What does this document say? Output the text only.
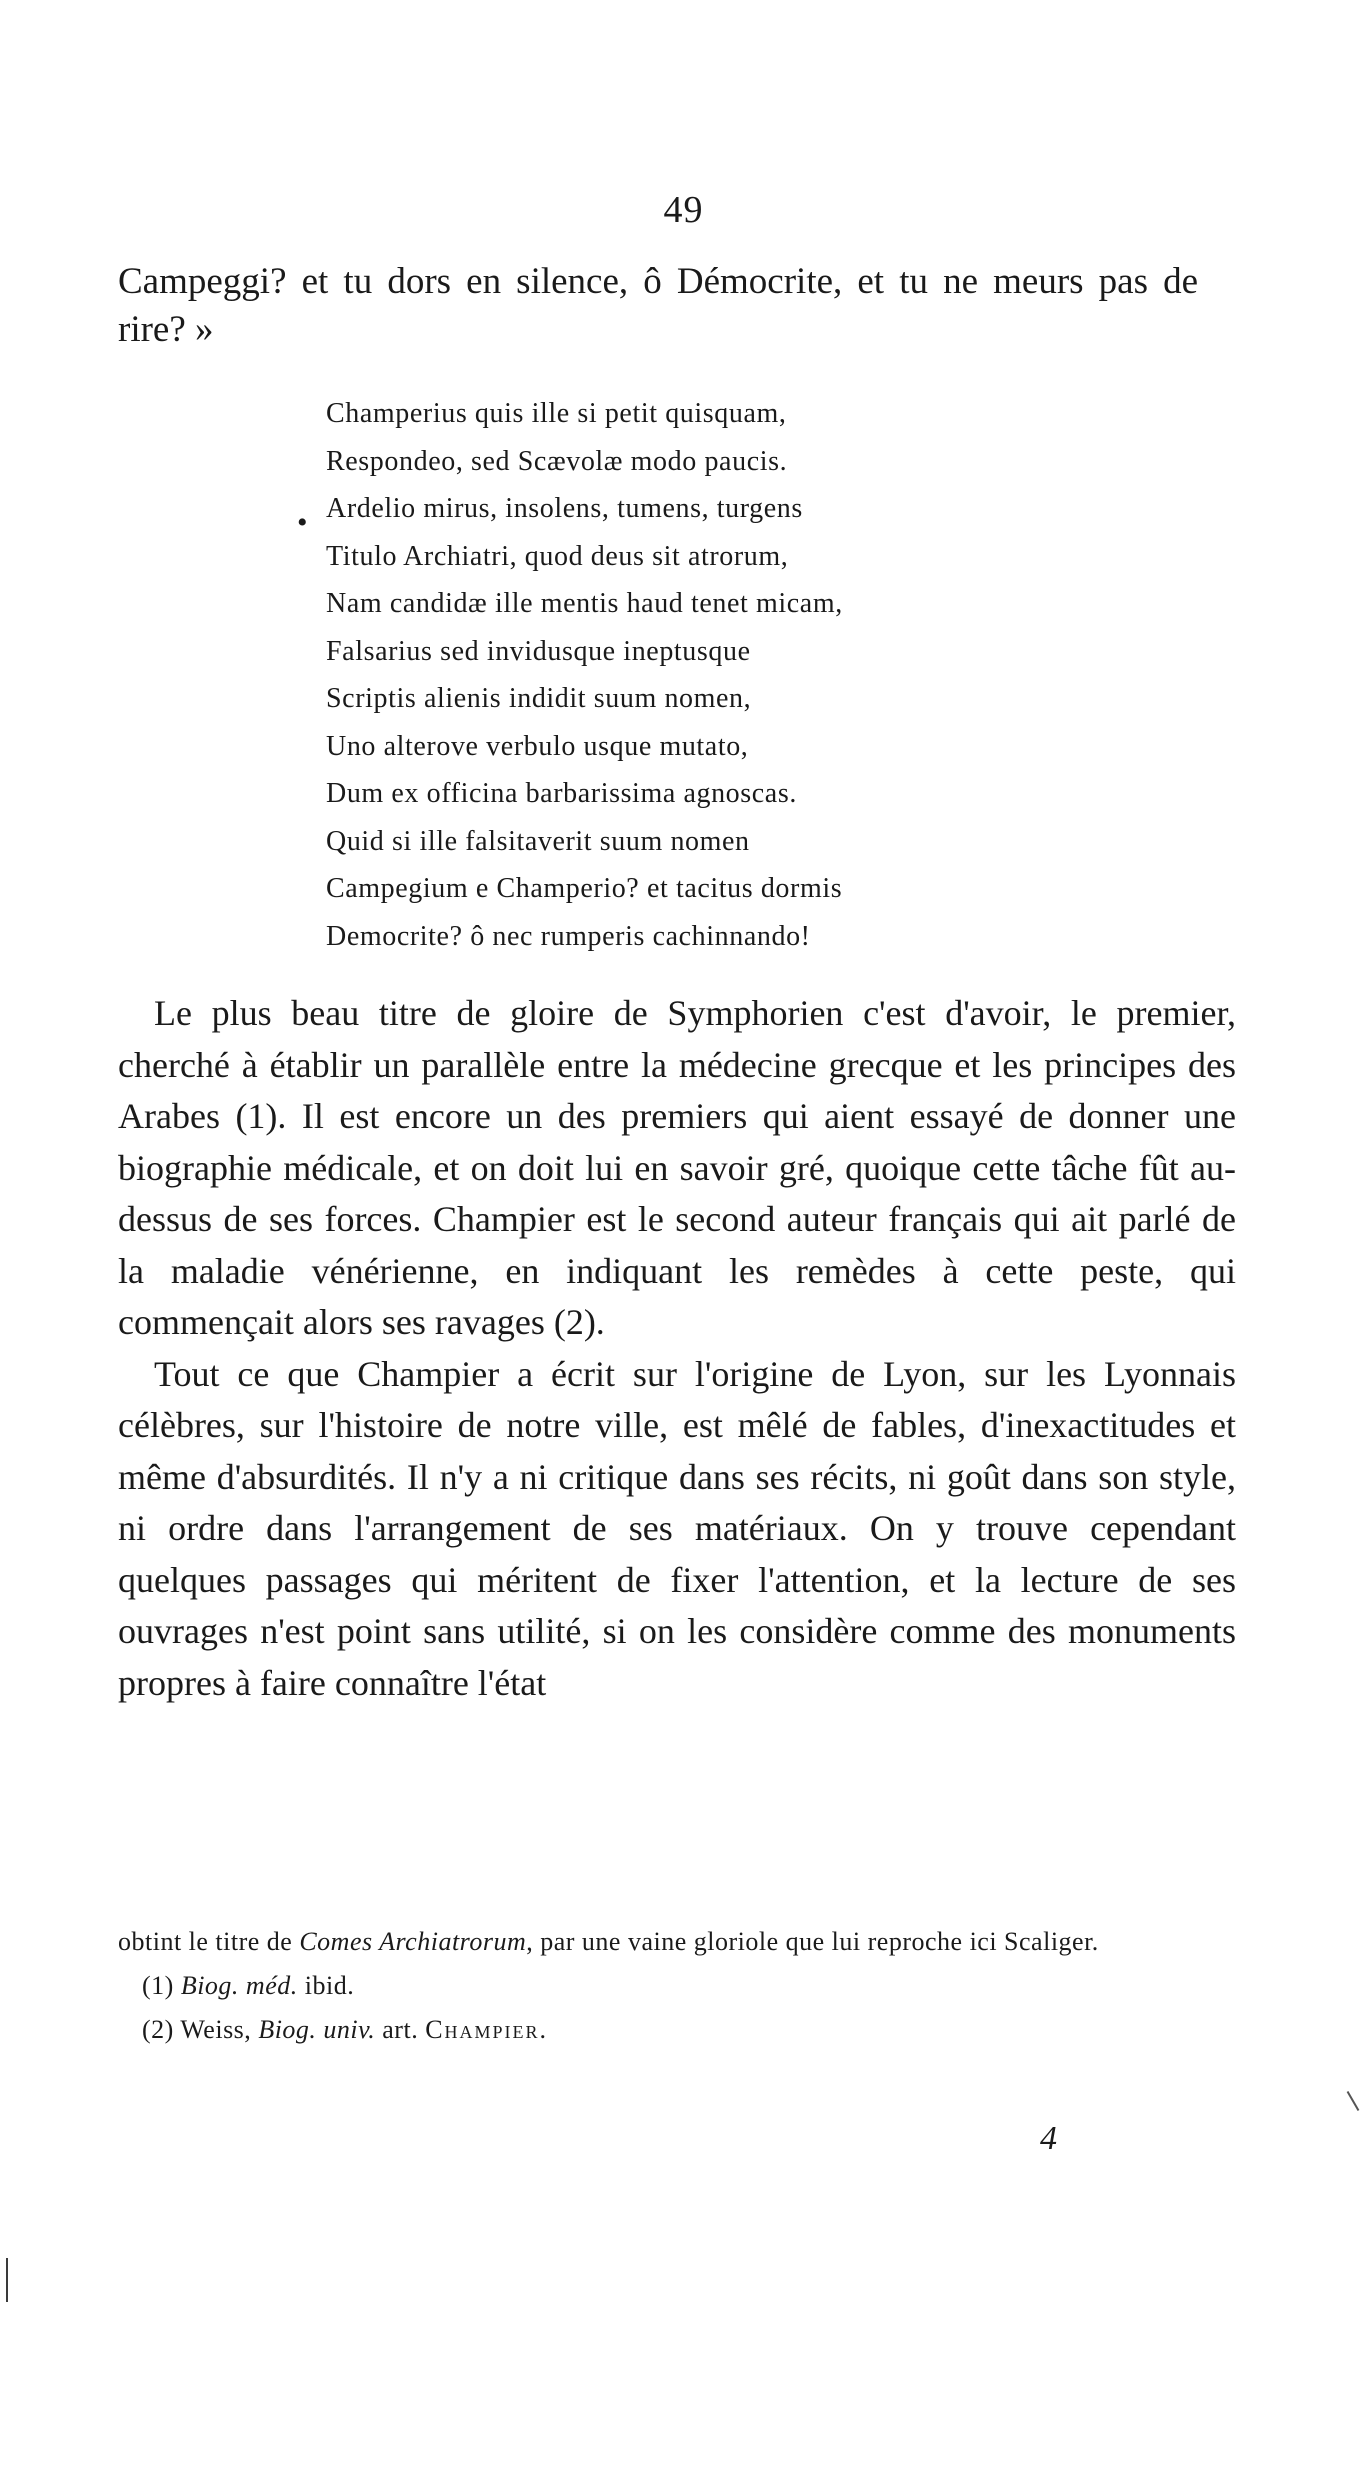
49
Campeggi? et tu dors en silence, ô Démocrite, et tu ne meurs pas de rire? »
•
Champerius quis ille si petit quisquam,
Respondeo, sed Scævolæ modo paucis.
Ardelio mirus, insolens, tumens, turgens
Titulo Archiatri, quod deus sit atrorum,
Nam candidæ ille mentis haud tenet micam,
Falsarius sed invidusque ineptusque
Scriptis alienis indidit suum nomen,
Uno alterove verbulo usque mutato,
Dum ex officina barbarissima agnoscas.
Quid si ille falsitaverit suum nomen
Campegium e Champerio? et tacitus dormis
Democrite? ô nec rumperis cachinnando!

Le plus beau titre de gloire de Symphorien c'est d'avoir, le premier, cherché à établir un parallèle entre la médecine grecque et les principes des Arabes (1). Il est encore un des premiers qui aient essayé de donner une biographie médicale, et on doit lui en savoir gré, quoique cette tâche fût au-dessus de ses forces. Champier est le second auteur français qui ait parlé de la maladie vénérienne, en indiquant les remèdes à cette peste, qui commençait alors ses ravages (2).

Tout ce que Champier a écrit sur l'origine de Lyon, sur les Lyonnais célèbres, sur l'histoire de notre ville, est mêlé de fables, d'inexactitudes et même d'absurdités. Il n'y a ni critique dans ses récits, ni goût dans son style, ni ordre dans l'arrangement de ses matériaux. On y trouve cependant quelques passages qui méritent de fixer l'attention, et la lecture de ses ouvrages n'est point sans utilité, si on les considère comme des monuments propres à faire connaître l'état

obtint le titre de Comes Archiatrorum, par une vaine gloriole que lui reproche ici Scaliger.

(1) Biog. méd. ibid.

(2) Weiss, Biog. univ. art. Champier.

4
